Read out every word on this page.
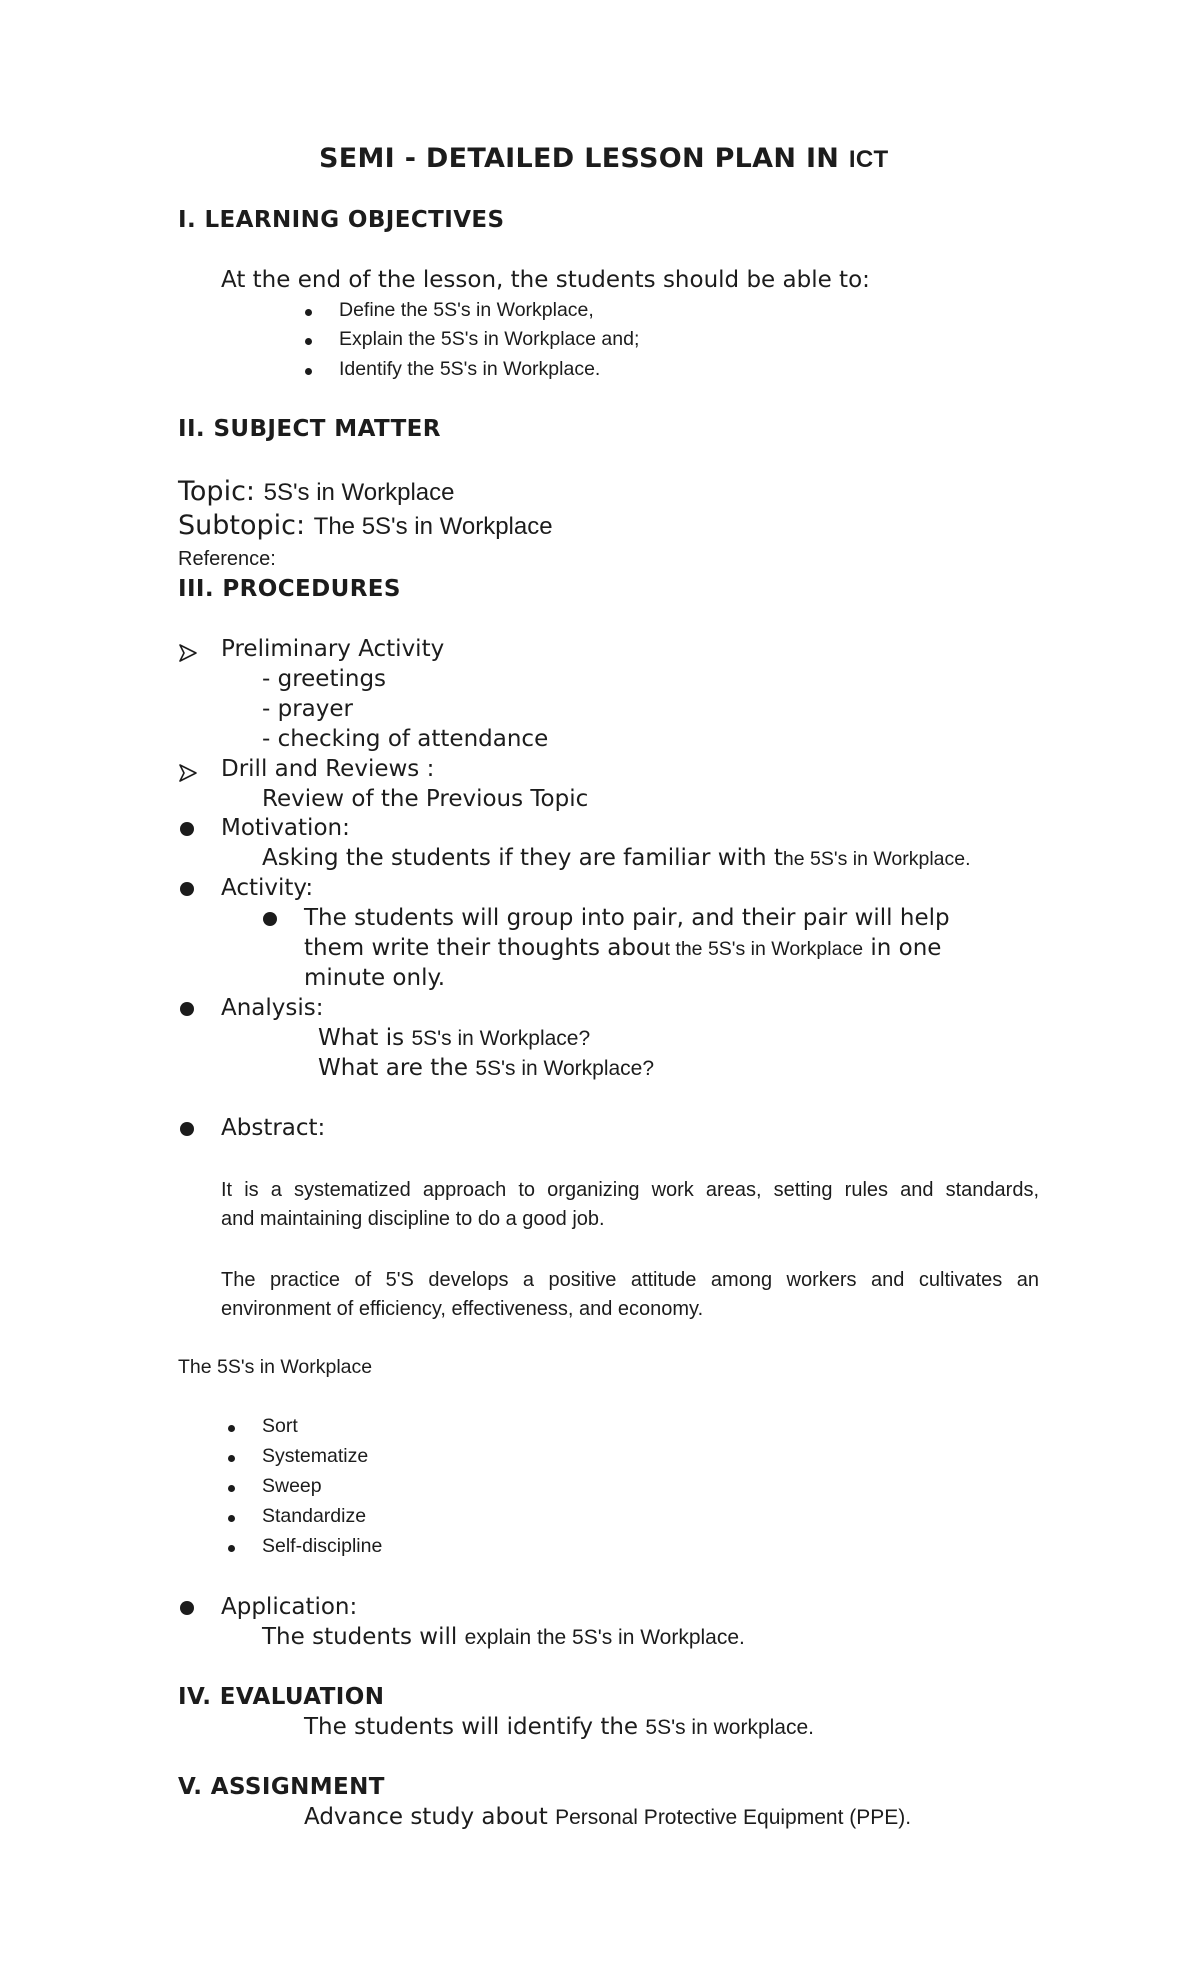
SEMI - DETAILED LESSON PLAN IN ICT
I. LEARNING OBJECTIVES
At the end of the lesson, the students should be able to:
Define the 5S's in Workplace,
Explain the 5S's in Workplace and;
Identify the 5S's in Workplace.
II. SUBJECT MATTER
Topic: 5S's in Workplace
Subtopic: The 5S's in Workplace
Reference:
III. PROCEDURES
Preliminary Activity
- greetings
- prayer
- checking of attendance
Drill and Reviews :
Review of the Previous Topic
Motivation:
Asking the students if they are familiar with the 5S's in Workplace.
Activity:
The students will group into pair, and their pair will help
them write their thoughts about the 5S's in Workplace in one
minute only.
Analysis:
What is 5S's in Workplace?
What are the 5S's in Workplace?
Abstract:
It is a systematized approach to organizing work areas, setting rules and standards,
and maintaining discipline to do a good job.
The practice of 5'S develops a positive attitude among workers and cultivates an
environment of efficiency, effectiveness, and economy.
The 5S's in Workplace
Sort
Systematize
Sweep
Standardize
Self-discipline
Application:
The students will explain the 5S's in Workplace.
IV. EVALUATION
The students will identify the 5S's in workplace.
V. ASSIGNMENT
Advance study about Personal Protective Equipment (PPE).
